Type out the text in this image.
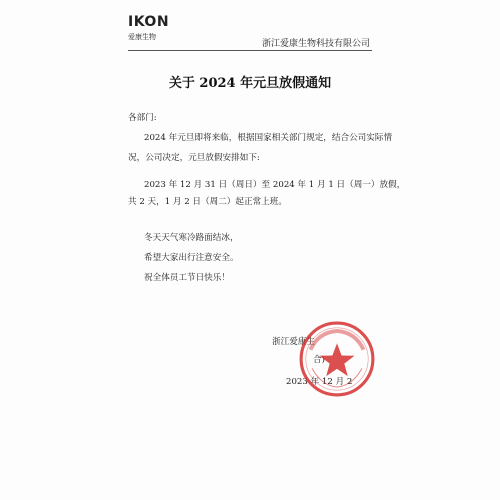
IKON
爱康生物
浙江爱康生物科技有限公司
关于 2024 年元旦放假通知
各部门:
2024 年元旦即将来临，根据国家相关部门规定，结合公司实际情
况，公司决定，元旦放假安排如下:
2023 年 12 月 31 日（周日）至 2024 年 1 月 1 日（周一）放假，
共 2 天，1 月 2 日（周二）起正常上班。
冬天天气寒冷路面结冰，
希望大家出行注意安全。
祝全体员工节日快乐！
浙江爱康生
合)
2023 年 12 月 2
